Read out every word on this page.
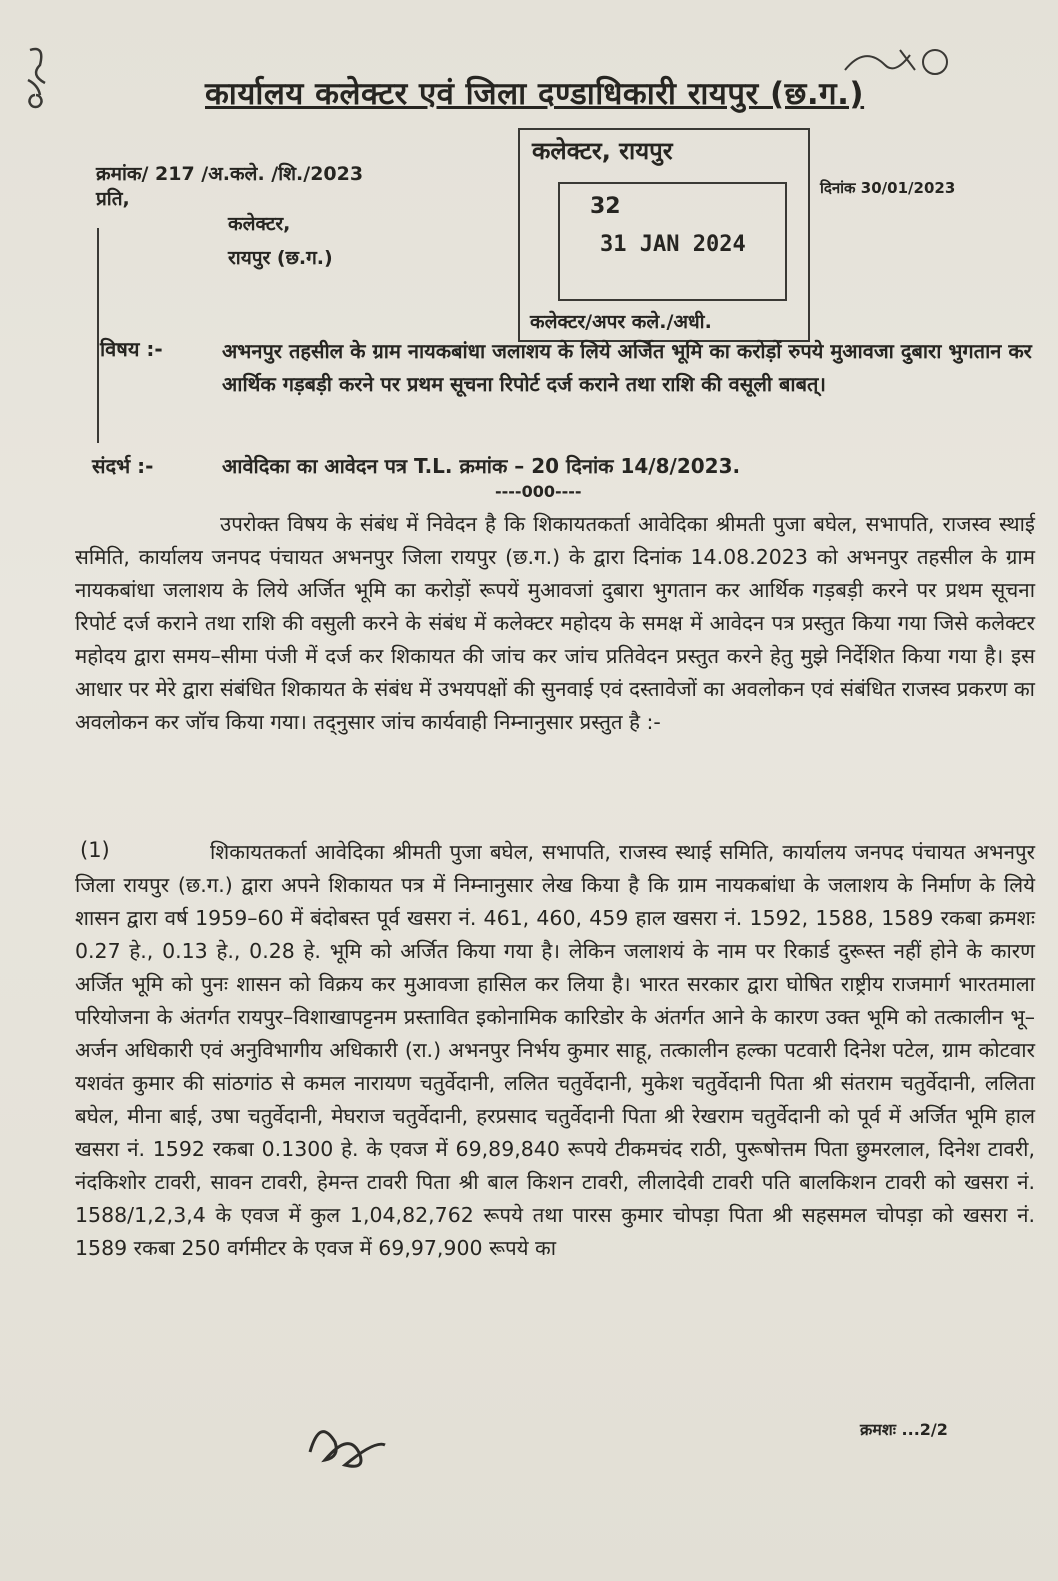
कार्यालय कलेक्टर एवं जिला दण्डाधिकारी रायपुर (छ.ग.)
क्रमांक/ 217 /अ.कले. /शि./2023
प्रति,
कलेक्टर,
रायपुर (छ.ग.)
दिनांक 30/01/2023
कलेक्टर, रायपुर
32
31 JAN 2024
कलेक्टर/अपर कले./अधी.
विषय :-	अभनपुर तहसील के ग्राम नायकबांधा जलाशय के लिये अर्जित भूमि का करोड़ों रुपये मुआवजा दुबारा भुगतान कर आर्थिक गड़बड़ी करने पर प्रथम सूचना रिपोर्ट दर्ज कराने तथा राशि की वसूली बाबत्।
संदर्भ :-	आवेदिका का आवेदन पत्र T.L. क्रमांक – 20 दिनांक 14/8/2023.
----000----
उपरोक्त विषय के संबंध में निवेदन है कि शिकायतकर्ता आवेदिका श्रीमती पुजा बघेल, सभापति, राजस्व स्थाई समिति, कार्यालय जनपद पंचायत अभनपुर जिला रायपुर (छ.ग.) के द्वारा दिनांक 14.08.2023 को अभनपुर तहसील के ग्राम नायकबांधा जलाशय के लिये अर्जित भूमि का करोड़ों रूपयें मुआवजां दुबारा भुगतान कर आर्थिक गड़बड़ी करने पर प्रथम सूचना रिपोर्ट दर्ज कराने तथा राशि की वसुली करने के संबंध में कलेक्टर महोदय के समक्ष में आवेदन पत्र प्रस्तुत किया गया जिसे कलेक्टर महोदय द्वारा समय–सीमा पंजी में दर्ज कर शिकायत की जांच कर जांच प्रतिवेदन प्रस्तुत करने हेतु मुझे निर्देशित किया गया है। इस आधार पर मेरे द्वारा संबंधित शिकायत के संबंध में उभयपक्षों की सुनवाई एवं दस्तावेजों का अवलोकन एवं संबंधित राजस्व प्रकरण का अवलोकन कर जॉच किया गया। तद्नुसार जांच कार्यवाही निम्नानुसार प्रस्तुत है :-
(1)	शिकायतकर्ता आवेदिका श्रीमती पुजा बघेल, सभापति, राजस्व स्थाई समिति, कार्यालय जनपद पंचायत अभनपुर जिला रायपुर (छ.ग.) द्वारा अपने शिकायत पत्र में निम्नानुसार लेख किया है कि ग्राम नायकबांधा के जलाशय के निर्माण के लिये शासन द्वारा वर्ष 1959–60 में बंदोबस्त पूर्व खसरा नं. 461, 460, 459 हाल खसरा नं. 1592, 1588, 1589 रकबा क्रमशः 0.27 हे., 0.13 हे., 0.28 हे. भूमि को अर्जित किया गया है। लेकिन जलाशयं के नाम पर रिकार्ड दुरूस्त नहीं होने के कारण अर्जित भूमि को पुनः शासन को विक्रय कर मुआवजा हासिल कर लिया है। भारत सरकार द्वारा घोषित राष्ट्रीय राजमार्ग भारतमाला परियोजना के अंतर्गत रायपुर–विशाखापट्टनम प्रस्तावित इकोनामिक कारिडोर के अंतर्गत आने के कारण उक्त भूमि को तत्कालीन भू–अर्जन अधिकारी एवं अनुविभागीय अधिकारी (रा.) अभनपुर निर्भय कुमार साहू, तत्कालीन हल्का पटवारी दिनेश पटेल, ग्राम कोटवार यशवंत कुमार की सांठगांठ से कमल नारायण चतुर्वेदानी, ललित चतुर्वेदानी, मुकेश चतुर्वेदानी पिता श्री संतराम चतुर्वेदानी, ललिता बघेल, मीना बाई, उषा चतुर्वेदानी, मेघराज चतुर्वेदानी, हरप्रसाद चतुर्वेदानी पिता श्री रेखराम चतुर्वेदानी को पूर्व में अर्जित भूमि हाल खसरा नं. 1592 रकबा 0.1300 हे. के एवज में 69,89,840 रूपये टीकमचंद राठी, पुरूषोत्तम पिता छुमरलाल, दिनेश टावरी, नंदकिशोर टावरी, सावन टावरी, हेमन्त टावरी पिता श्री बाल किशन टावरी, लीलादेवी टावरी पति बालकिशन टावरी को खसरा नं. 1588/1,2,3,4 के एवज में कुल 1,04,82,762 रूपये तथा पारस कुमार चोपड़ा पिता श्री सहसमल चोपड़ा को खसरा नं. 1589 रकबा 250 वर्गमीटर के एवज में 69,97,900 रूपये का
क्रमशः ...2/2
